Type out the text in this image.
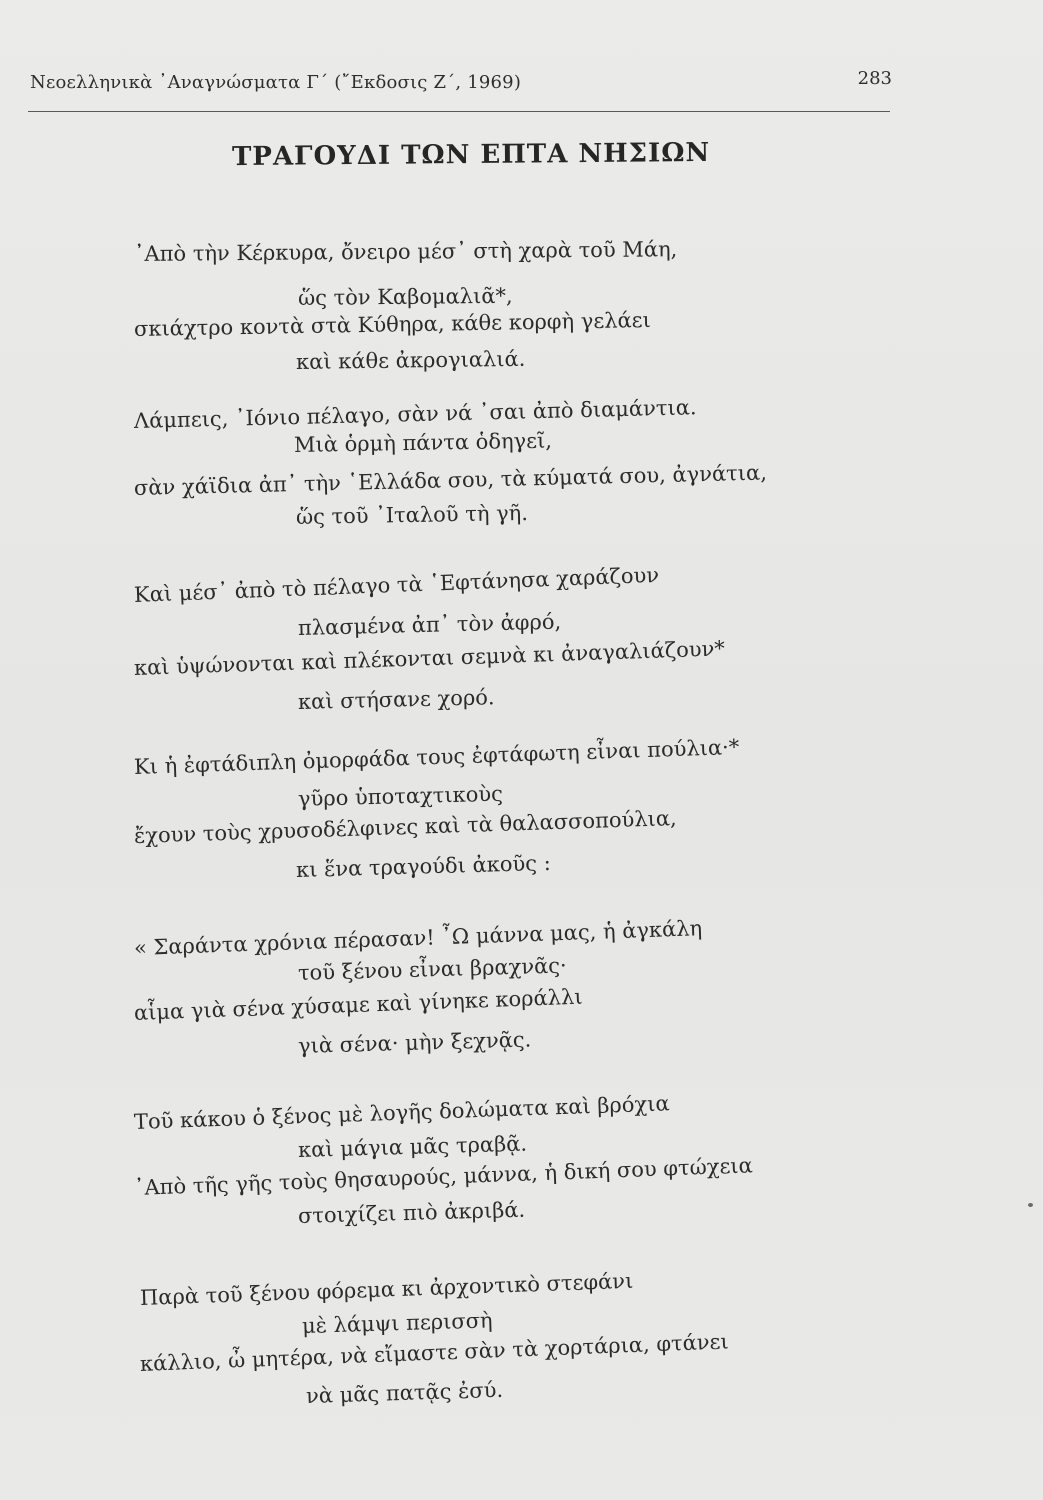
Νεοελληνικὰ ᾽Αναγνώσματα Γ΄ (῎Εκδοσις Ζ΄, 1969)	283
ΤΡΑΓΟΥΔΙ ΤΩΝ ΕΠΤΑ ΝΗΣΙΩΝ
᾽Απὸ τὴν Κέρκυρα, ὄνειρο μέσ᾽ στὴ χαρὰ τοῦ Μάη,
ὥς τὸν Καβομαλιᾶ*,
σκιάχτρο κοντὰ στὰ Κύθηρα, κάθε κορφὴ γελάει
καὶ κάθε ἀκρογιαλιά.
Λάμπεις, ᾽Ιόνιο πέλαγο, σὰν νά ᾽σαι ἀπὸ διαμάντια.
Μιὰ ὁρμὴ πάντα ὁδηγεῖ,
σὰν χάϊδια ἀπ᾽ τὴν ῾Ελλάδα σου, τὰ κύματά σου, ἀγνάτια,
ὥς τοῦ ᾽Ιταλοῦ τὴ γῆ.
Καὶ μέσ᾽ ἀπὸ τὸ πέλαγο τὰ ῾Εφτάνησα χαράζουν
πλασμένα ἀπ᾽ τὸν ἀφρό,
καὶ ὑψώνονται καὶ πλέκονται σεμνὰ κι ἀναγαλιάζουν*
καὶ στήσανε χορό.
Κι ἡ ἐφτάδιπλη ὀμορφάδα τους ἐφτάφωτη εἶναι πούλια·*
γῦρο ὑποταχτικοὺς
ἔχουν τοὺς χρυσοδέλφινες καὶ τὰ θαλασσοπούλια,
κι ἕνα τραγούδι ἀκοῦς :
« Σαράντα χρόνια πέρασαν! ῏Ω μάννα μας, ἡ ἀγκάλη
τοῦ ξένου εἶναι βραχνᾶς·
αἷμα γιὰ σένα χύσαμε καὶ γίνηκε κοράλλι
γιὰ σένα· μὴν ξεχνᾷς.
Τοῦ κάκου ὁ ξένος μὲ λογῆς δολώματα καὶ βρόχια
καὶ μάγια μᾶς τραβᾷ.
᾽Απὸ τῆς γῆς τοὺς θησαυρούς, μάννα, ἡ δική σου φτώχεια
στοιχίζει πιὸ ἀκριβά.
Παρὰ τοῦ ξένου φόρεμα κι ἀρχοντικὸ στεφάνι
μὲ λάμψι περισσὴ
κάλλιο, ὦ μητέρα, νὰ εἴμαστε σὰν τὰ χορτάρια, φτάνει
νὰ μᾶς πατᾷς ἐσύ.
